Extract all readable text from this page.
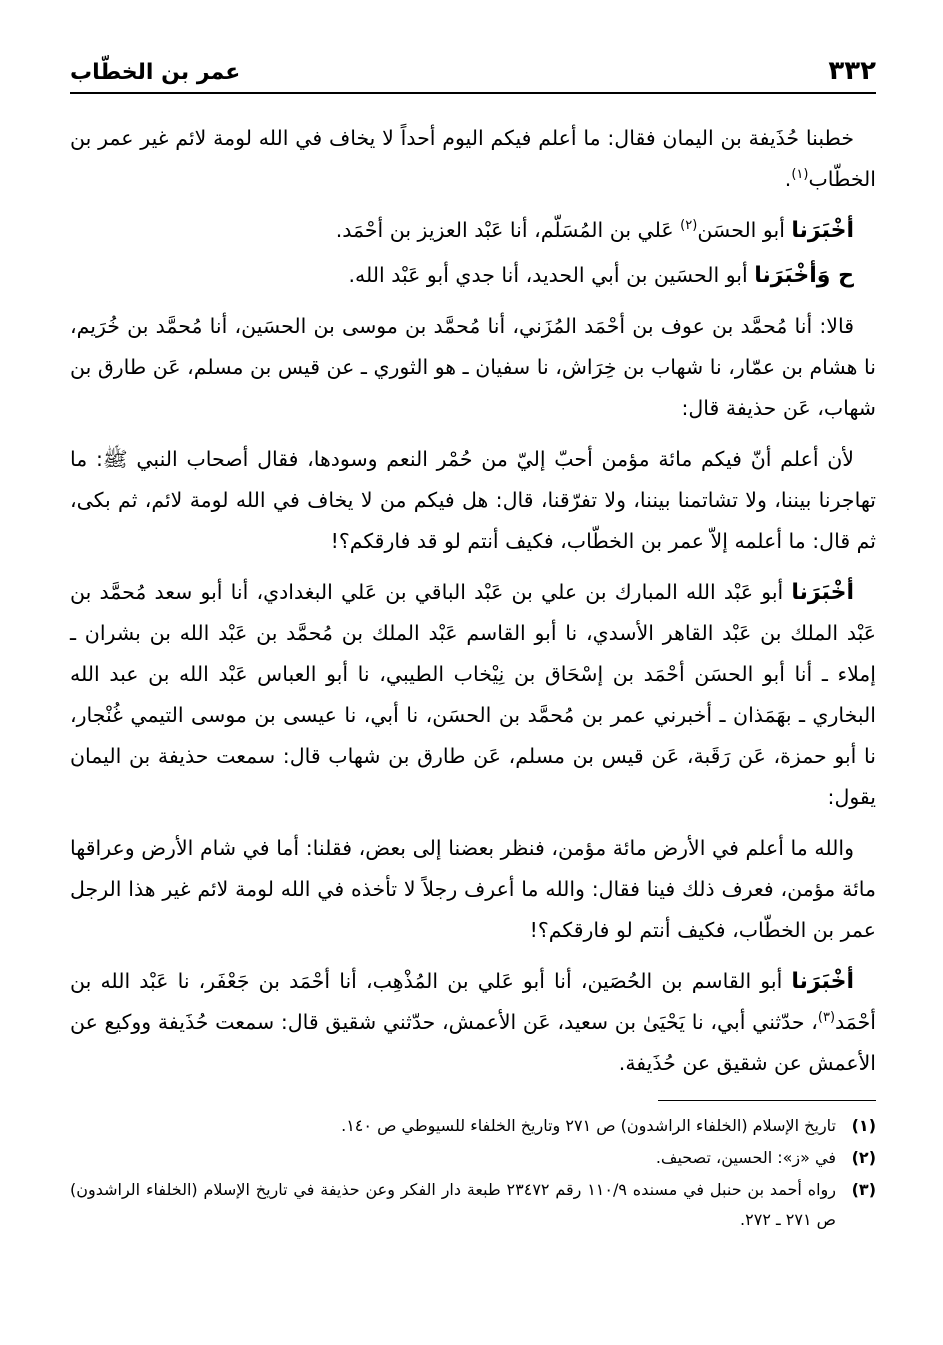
٣٣٢
عمر بن الخطّاب

خطبنا حُذَيفة بن اليمان فقال: ما أعلم فيكم اليوم أحداً لا يخاف في الله لومة لائم غير عمر بن الخطّاب$^{(١)}$.

أخْبَرَنا أبو الحسَن$^{(٢)}$ عَلي بن المُسَلّم، أنا عَبْد العزيز بن أحْمَد.

ح وَأخْبَرَنا أبو الحسَين بن أبي الحديد، أنا جدي أبو عَبْد الله.

قالا: أنا مُحمَّد بن عوف بن أحْمَد المُزَني، أنا مُحمَّد بن موسى بن الحسَين، أنا مُحمَّد بن خُرَيم، نا هشام بن عمّار، نا شهاب بن خِرَاش، نا سفيان ـ هو الثوري ـ عن قيس بن مسلم، عَن طارق بن شهاب، عَن حذيفة قال:

لأن أعلم أنّ فيكم مائة مؤمن أحبّ إليّ من حُمْر النعم وسودها، فقال أصحاب النبي ﷺ: ما تهاجرنا بيننا، ولا تشاتمنا بيننا، ولا تفرّقنا، قال: هل فيكم من لا يخاف في الله لومة لائم، ثم بكى، ثم قال: ما أعلمه إلاّ عمر بن الخطّاب، فكيف أنتم لو قد فارقكم؟!

أخْبَرَنا أبو عَبْد الله المبارك بن علي بن عَبْد الباقي بن عَلي البغدادي، أنا أبو سعد مُحمَّد بن عَبْد الملك بن عَبْد القاهر الأسدي، نا أبو القاسم عَبْد الملك بن مُحمَّد بن عَبْد الله بن بشران ـ إملاء ـ أنا أبو الحسَن أحْمَد بن إسْحَاق بن نِيْخاب الطيبي، نا أبو العباس عَبْد الله بن عبد الله البخاري ـ بهَمَذان ـ أخبرني عمر بن مُحمَّد بن الحسَن، نا أبي، نا عيسى بن موسى التيمي غُنْجار، نا أبو حمزة، عَن رَقَبة، عَن قيس بن مسلم، عَن طارق بن شهاب قال: سمعت حذيفة بن اليمان يقول:

والله ما أعلم في الأرض مائة مؤمن، فنظر بعضنا إلى بعض، فقلنا: أما في شام الأرض وعراقها مائة مؤمن، فعرف ذلك فينا فقال: والله ما أعرف رجلاً لا تأخذه في الله لومة لائم غير هذا الرجل عمر بن الخطّاب، فكيف أنتم لو فارقكم؟!

أخْبَرَنا أبو القاسم بن الحُصَين، أنا أبو عَلي بن المُذْهِب، أنا أحْمَد بن جَعْفَر، نا عَبْد الله بن أحْمَد$^{(٣)}$، حدّثني أبي، نا يَحْيَىٰ بن سعيد، عَن الأعمش، حدّثني شقيق قال: سمعت حُذَيفة ووكيع عن الأعمش عن شقيق عن حُذَيفة.

(١)
تاريخ الإسلام (الخلفاء الراشدون) ص ٢٧١ وتاريخ الخلفاء للسيوطي ص ١٤٠.
(٢)
في «ز»: الحسين، تصحيف.
(٣)
رواه أحمد بن حنبل في مسنده ١١٠/٩ رقم ٢٣٤٧٢ طبعة دار الفكر وعن حذيفة في تاريخ الإسلام (الخلفاء الراشدون) ص ٢٧١ ـ ٢٧٢.
